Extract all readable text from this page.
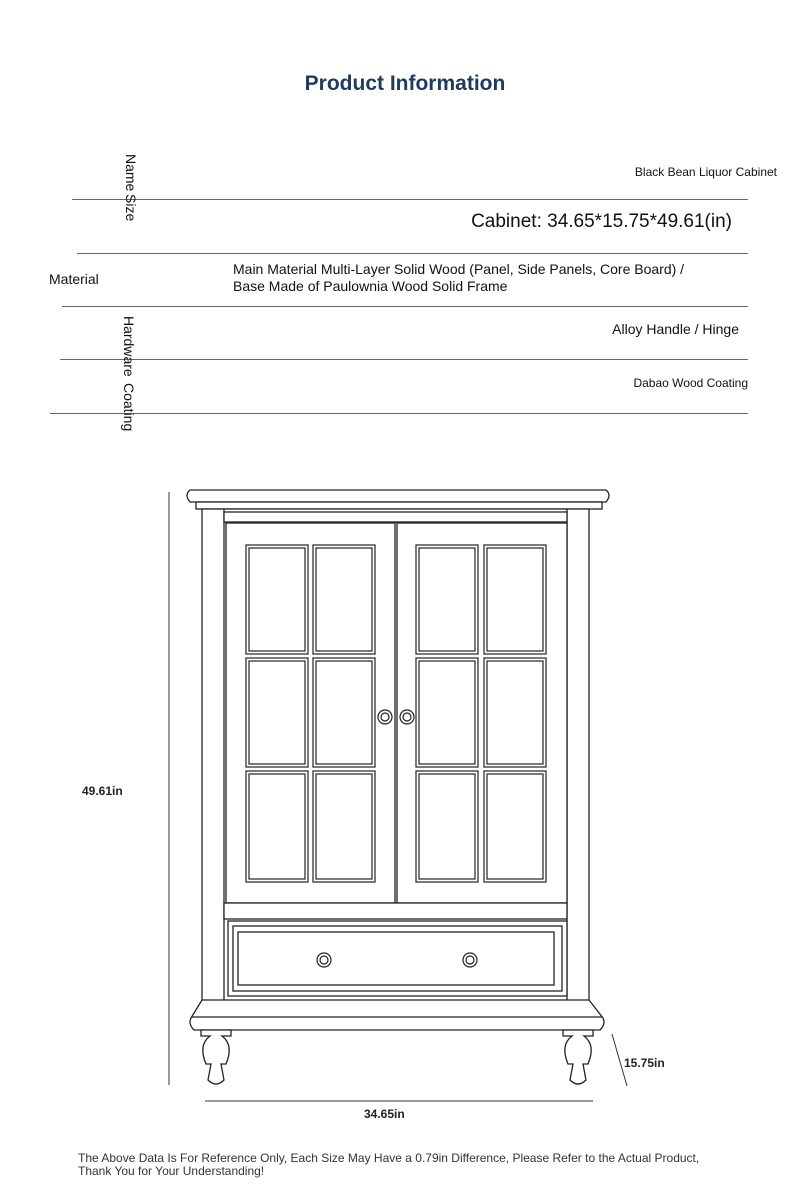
Product Information
Name
Size
Material
Hardware
Coating
Black Bean Liquor Cabinet
Cabinet: 34.65*15.75*49.61(in)
Main Material Multi-Layer Solid Wood (Panel, Side Panels, Core Board) /
Base Made of Paulownia Wood Solid Frame
Alloy Handle / Hinge
Dabao Wood Coating
49.61in
34.65in
15.75in
The Above Data Is For Reference Only, Each Size May Have a 0.79in Difference, Please Refer to the Actual Product,
Thank You for Your Understanding!
